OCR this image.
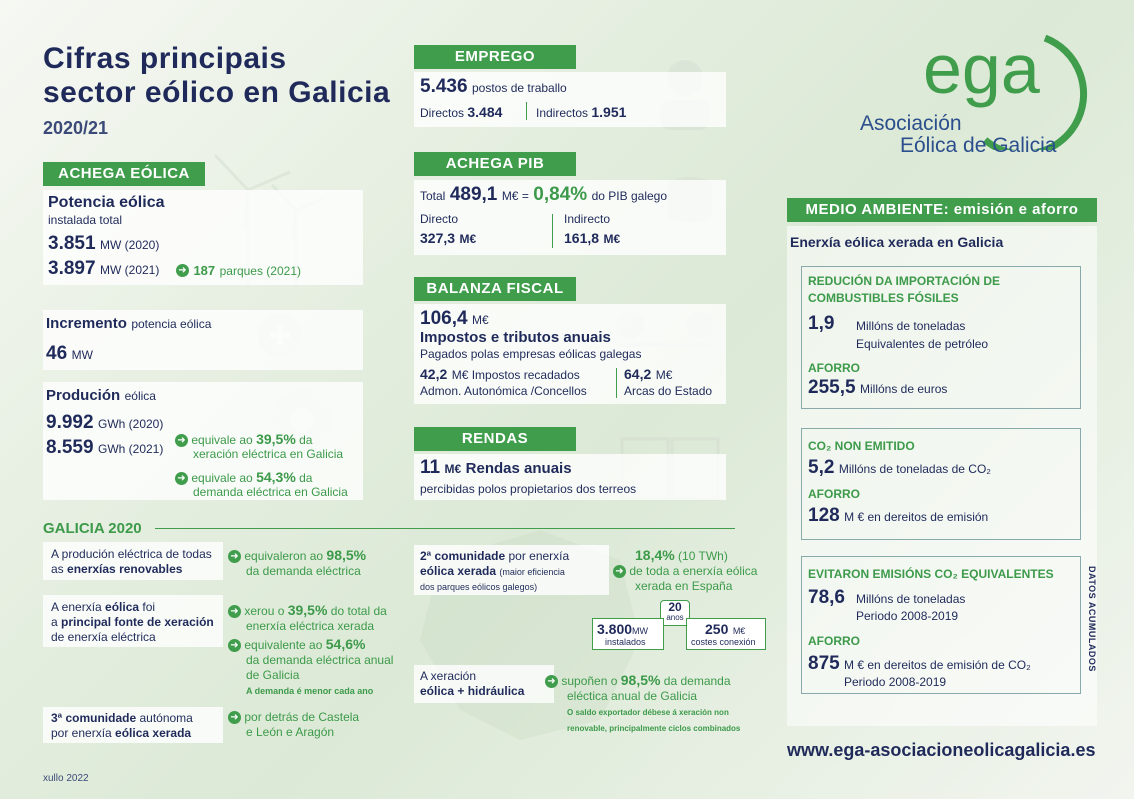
Cifras principais
sector eólico en Galicia
2020/21
ega
Asociación
Eólica de Galicia
ACHEGA EÓLICA
Potencia eólica
instalada total
3.851 MW (2020)
3.897 MW (2021) ➜ 187 parques (2021)
Incremento potencia eólica
46 MW
Produción eólica
9.992 GWh (2020)
8.559 GWh (2021)
➜ equivale ao 39,5% da
xeración eléctrica en Galicia
➜ equivale ao 54,3% da
demanda eléctrica en Galicia
EMPREGO
5.436 postos de traballo
Directos 3.484	Indirectos 1.951
ACHEGA PIB
Total 489,1 M€ = 0,84% do PIB galego
Directo
327,3 M€
Indirecto
161,8 M€
BALANZA FISCAL
106,4 M€
Impostos e tributos anuais
Pagados polas empresas eólicas galegas
42,2 M€ Impostos recadados
Admon. Autonómica /Concellos
64,2 M€
Arcas do Estado
RENDAS
11 M€ Rendas anuais
percibidas polos propietarios dos terreos
MEDIO AMBIENTE: emisión e aforro
Enerxía eólica xerada en Galicia
REDUCIÓN DA IMPORTACIÓN DE
COMBUSTIBLES FÓSILES
1,9 Millóns de toneladas
Equivalentes de petróleo
AFORRO
255,5 Millóns de euros
CO₂ NON EMITIDO
5,2 Millóns de toneladas de CO₂
AFORRO
128 M € en dereitos de emisión
EVITARON EMISIÓNS CO₂ EQUIVALENTES
78,6 Millóns de toneladas
Periodo 2008-2019
AFORRO
875 M € en dereitos de emisión de CO₂
Periodo 2008-2019
DATOS ACUMULADOS
GALICIA 2020
A produción eléctrica de todas
as enerxías renovables
➜ equivaleron ao 98,5%
da demanda eléctrica
A enerxía eólica foi
a principal fonte de xeración
de enerxía eléctrica
➜ xerou o 39,5% do total da
enerxía eléctrica xerada
➜ equivalente ao 54,6%
da demanda eléctrica anual
de Galicia
A demanda é menor cada ano
3ª comunidade autónoma
por enerxía eólica xerada
➜ por detrás de Castela
e León e Aragón
2ª comunidade por enerxía
eólica xerada (maior eficiencia
dos parques eólicos galegos)
18,4% (10 TWh)
➜ de toda a enerxía eólica
xerada en España
20
anos
3.800MW
instalados
250 M€
costes conexión
A xeración
eólica + hidráulica
➜ supoñen o 98,5% da demanda
eléctica anual de Galicia
O saldo exportador débese á xeración non
renovable, principalmente ciclos combinados
xullo 2022
www.ega-asociacioneolicagalicia.es
